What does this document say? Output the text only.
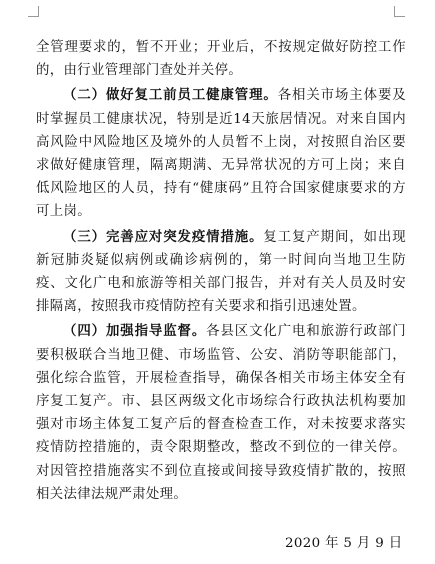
全管理要求的，暂不开业；开业后，不按规定做好防控工作的，由行业管理部门查处并关停。

（二）做好复工前员工健康管理。各相关市场主体要及时掌握员工健康状况，特别是近14天旅居情况。对来自国内高风险中风险地区及境外的人员暂不上岗，对按照自治区要求做好健康管理，隔离期满、无异常状况的方可上岗；来自低风险地区的人员，持有“健康码”且符合国家健康要求的方可上岗。

（三）完善应对突发疫情措施。复工复产期间，如出现新冠肺炎疑似病例或确诊病例的，第一时间向当地卫生防疫、文化广电和旅游等相关部门报告，并对有关人员及时安排隔离，按照我市疫情防控有关要求和指引迅速处置。

（四）加强指导监督。各县区文化广电和旅游行政部门要积极联合当地卫健、市场监管、公安、消防等职能部门，强化综合监管，开展检查指导，确保各相关市场主体安全有序复工复产。市、县区两级文化市场综合行政执法机构要加强对市场主体复工复产后的督查检查工作，对未按要求落实疫情防控措施的，责令限期整改，整改不到位的一律关停。对因管控措施落实不到位直接或间接导致疫情扩散的，按照相关法律法规严肃处理。

2020 年 5 月 9 日
